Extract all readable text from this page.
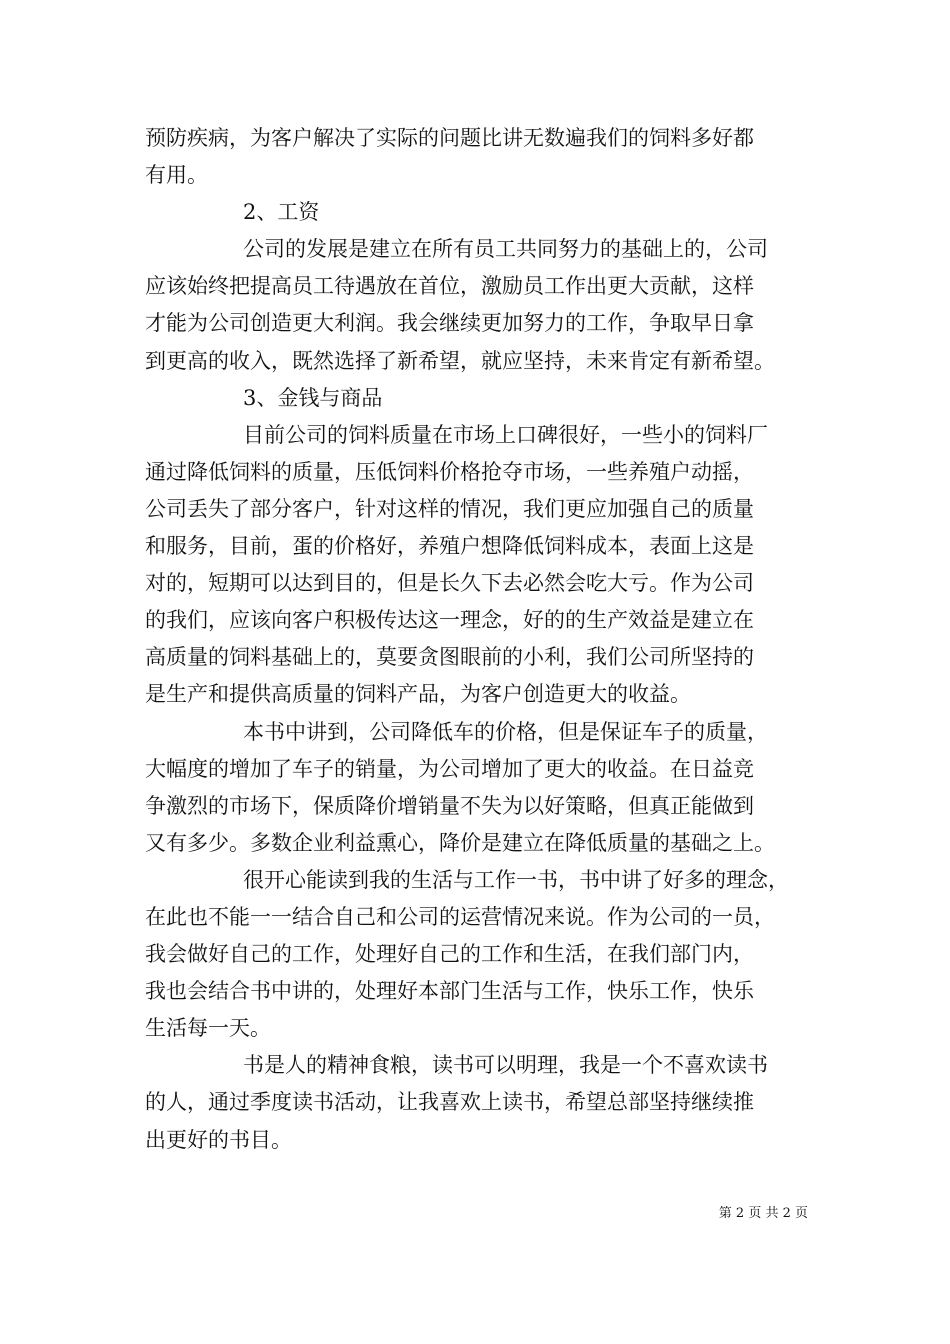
预防疾病，为客户解决了实际的问题比讲无数遍我们的饲料多好都
有用。
2、工资
公司的发展是建立在所有员工共同努力的基础上的，公司
应该始终把提高员工待遇放在首位，激励员工作出更大贡献，这样
才能为公司创造更大利润。我会继续更加努力的工作，争取早日拿
到更高的收入，既然选择了新希望，就应坚持，未来肯定有新希望。
3、金钱与商品
目前公司的饲料质量在市场上口碑很好，一些小的饲料厂
通过降低饲料的质量，压低饲料价格抢夺市场，一些养殖户动摇，
公司丢失了部分客户，针对这样的情况，我们更应加强自己的质量
和服务，目前，蛋的价格好，养殖户想降低饲料成本，表面上这是
对的，短期可以达到目的，但是长久下去必然会吃大亏。作为公司
的我们，应该向客户积极传达这一理念，好的的生产效益是建立在
高质量的饲料基础上的，莫要贪图眼前的小利，我们公司所坚持的
是生产和提供高质量的饲料产品，为客户创造更大的收益。
本书中讲到，公司降低车的价格，但是保证车子的质量，
大幅度的增加了车子的销量，为公司增加了更大的收益。在日益竞
争激烈的市场下，保质降价增销量不失为以好策略，但真正能做到
又有多少。多数企业利益熏心，降价是建立在降低质量的基础之上。
很开心能读到我的生活与工作一书，书中讲了好多的理念，
在此也不能一一结合自己和公司的运营情况来说。作为公司的一员，
我会做好自己的工作，处理好自己的工作和生活，在我们部门内，
我也会结合书中讲的，处理好本部门生活与工作，快乐工作，快乐
生活每一天。
书是人的精神食粮，读书可以明理，我是一个不喜欢读书
的人，通过季度读书活动，让我喜欢上读书，希望总部坚持继续推
出更好的书目。
第 2 页 共 2 页
